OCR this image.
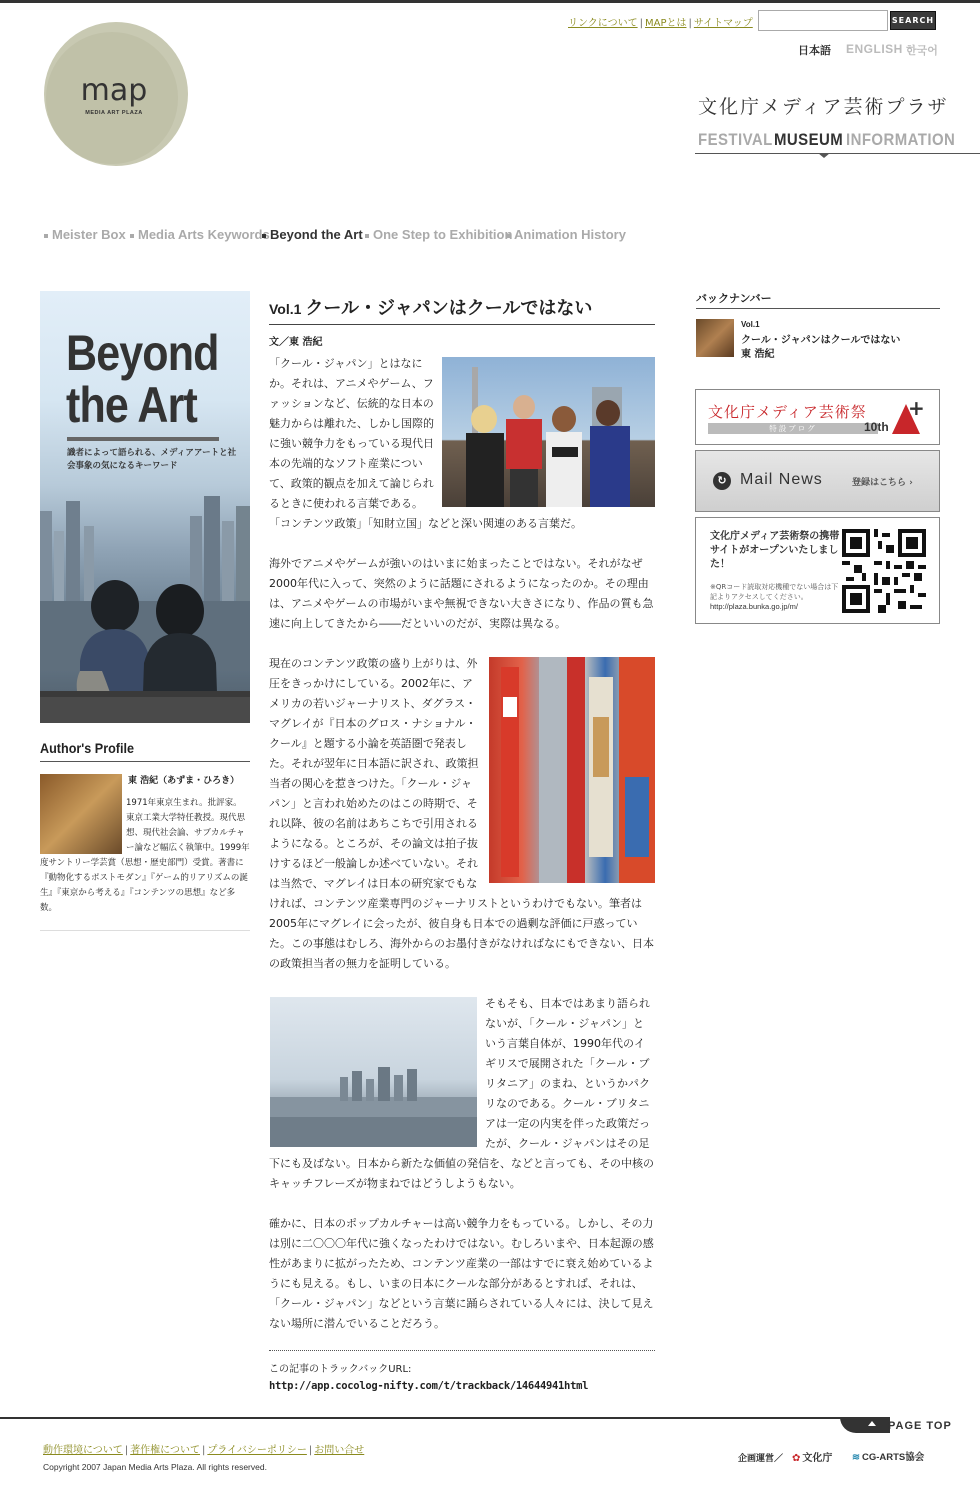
map
MEDIA ART PLAZA
リンクについて | MAPとは | サイトマップ	SEARCH
日本語 ENGLISH 한국어
文化庁メディア芸術プラザ
FESTIVAL MUSEUM INFORMATION
Meister Box Media Arts Keywords Beyond the Art One Step to Exhibition Animation History
Beyond
the Art
識者によって語られる、メディアアートと社会事象の気になるキーワード
Author's Profile
東 浩紀（あずま・ひろき）
1971年東京生まれ。批評家。東京工業大学特任教授。現代思想、現代社会論、サブカルチャー論など幅広く執筆中。1999年度サントリー学芸賞（思想・歴史部門）受賞。著書に『動物化するポストモダン』『ゲーム的リアリズムの誕生』『東京から考える』『コンテンツの思想』など多数。
Vol.1 クール・ジャパンはクールではない
文／東 浩紀
「クール・ジャパン」とはなにか。それは、アニメやゲーム、ファッションなど、伝統的な日本の魅力からは離れた、しかし国際的に強い競争力をもっている現代日本の先端的なソフト産業について、政策的観点を加えて論じられるときに使われる言葉である。「コンテンツ政策」「知財立国」などと深い関連のある言葉だ。
海外でアニメやゲームが強いのはいまに始まったことではない。それがなぜ2000年代に入って、突然のように話題にされるようになったのか。その理由は、アニメやゲームの市場がいまや無視できない大きさになり、作品の質も急速に向上してきたから――だといいのだが、実際は異なる。
現在のコンテンツ政策の盛り上がりは、外圧をきっかけにしている。2002年に、アメリカの若いジャーナリスト、ダグラス・マグレイが『日本のグロス・ナショナル・クール』と題する小論を英語圏で発表した。それが翌年に日本語に訳され、政策担当者の関心を惹きつけた。「クール・ジャパン」と言われ始めたのはこの時期で、それ以降、彼の名前はあちこちで引用されるようになる。ところが、その論文は拍子抜けするほど一般論しか述べていない。それは当然で、マグレイは日本の研究家でもなければ、コンテンツ産業専門のジャーナリストというわけでもない。筆者は2005年にマグレイに会ったが、彼自身も日本での過剰な評価に戸惑っていた。この事態はむしろ、海外からのお墨付きがなければなにもできない、日本の政策担当者の無力を証明している。
そもそも、日本ではあまり語られないが、「クール・ジャパン」という言葉自体が、1990年代のイギリスで展開された「クール・ブリタニア」のまね、というかパクリなのである。クール・ブリタニアは一定の内実を伴った政策だったが、クール・ジャパンはその足下にも及ばない。日本から新たな価値の発信を、などと言っても、その中核のキャッチフレーズが物まねではどうしようもない。
確かに、日本のポップカルチャーは高い競争力をもっている。しかし、その力は別に二〇〇〇年代に強くなったわけではない。むしろいまや、日本起源の感性があまりに拡がったため、コンテンツ産業の一部はすでに衰え始めているようにも見える。もし、いまの日本にクールな部分があるとすれば、それは、「クール・ジャパン」などという言葉に踊らされている人々には、決して見えない場所に潜んでいることだろう。
この記事のトラックバックURL:
http://app.cocolog-nifty.com/t/trackback/14644941html
バックナンバー
Vol.1
クール・ジャパンはクールではない
東 浩紀
文化庁メディア芸術祭
特設ブログ	10th
+
↻ Mail News	登録はこちら ›
文化庁メディア芸術祭の携帯サイトがオープンいたしました！
※QRコード読取対応機種でない場合は下記よりアクセスしてください。
http://plaza.bunka.go.jp/m/
PAGE TOP
動作環境について | 著作権について | プライバシーポリシー | お問い合せ
Copyright 2007 Japan Media Arts Plaza. All rights reserved.
企画運営／ ✿ 文化庁 ≋ CG-ARTS協会
